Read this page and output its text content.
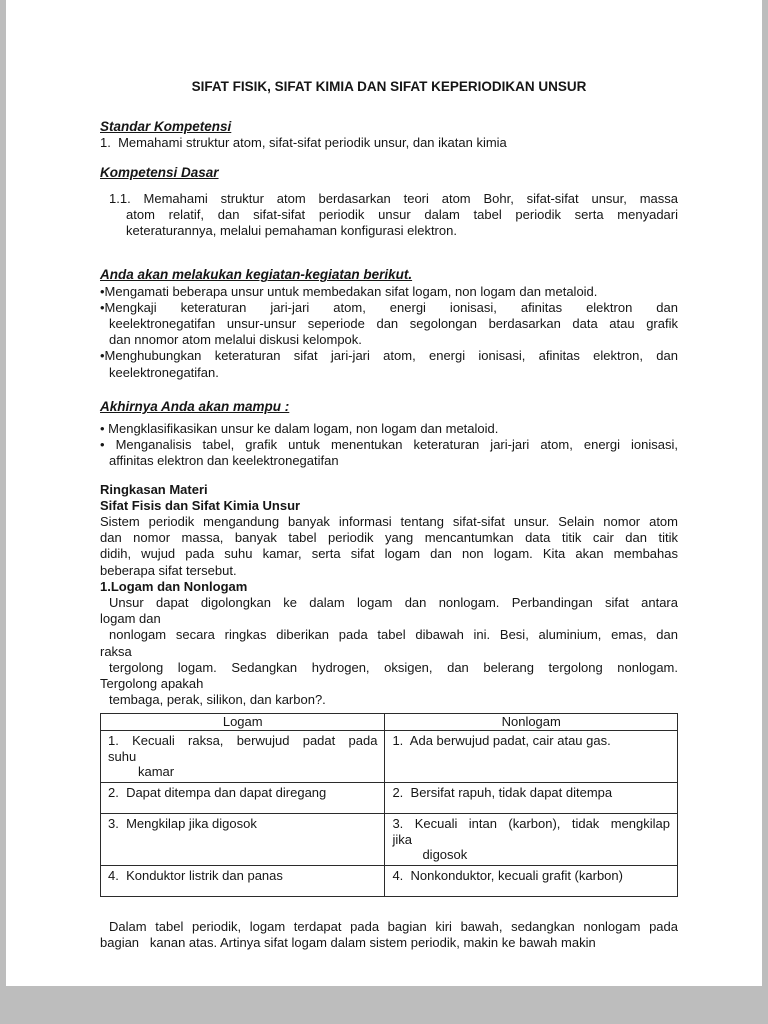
SIFAT FISIK, SIFAT KIMIA DAN SIFAT KEPERIODIKAN UNSUR
Standar Kompetensi
1.  Memahami struktur atom, sifat-sifat periodik unsur, dan ikatan kimia
Kompetensi Dasar
1.1. Memahami struktur atom berdasarkan teori atom Bohr, sifat-sifat unsur, massa
atom relatif, dan sifat-sifat periodik unsur dalam tabel periodik serta menyadari
keteraturannya, melalui pemahaman konfigurasi elektron.
Anda akan melakukan kegiatan-kegiatan berikut.
•Mengamati beberapa unsur untuk membedakan sifat logam, non logam dan metaloid.
•Mengkaji keteraturan jari-jari atom, energi ionisasi, afinitas elektron dan
keelektronegatifan unsur-unsur seperiode dan segolongan berdasarkan data atau grafik
dan nnomor atom melalui diskusi kelompok.
•Menghubungkan keteraturan sifat jari-jari atom, energi ionisasi, afinitas elektron, dan
keelektronegatifan.
Akhirnya Anda akan mampu :
• Mengklasifikasikan unsur ke dalam logam, non logam dan metaloid.
• Menganalisis tabel, grafik untuk menentukan keteraturan jari-jari atom, energi ionisasi,
affinitas elektron dan keelektronegatifan
Ringkasan Materi
Sifat Fisis dan Sifat Kimia Unsur
Sistem periodik mengandung banyak informasi tentang sifat-sifat unsur. Selain nomor atom
dan nomor massa, banyak tabel periodik yang mencantumkan data titik cair dan titik
didih, wujud pada suhu kamar, serta sifat logam dan non logam. Kita akan membahas
beberapa sifat tersebut.
1.Logam dan Nonlogam
Unsur dapat digolongkan ke dalam logam dan nonlogam. Perbandingan sifat antara
logam dan
nonlogam secara ringkas diberikan pada tabel dibawah ini. Besi, aluminium, emas, dan
raksa
tergolong logam. Sedangkan hydrogen, oksigen, dan belerang tergolong nonlogam.
Tergolong apakah
tembaga, perak, silikon, dan karbon?.
Logam	Nonlogam

1. Kecuali raksa, berwujud padat pada
suhu
kamar	1.  Ada berwujud padat, cair atau gas.

2.  Dapat ditempa dan dapat diregang	2.  Bersifat rapuh, tidak dapat ditempa

3.  Mengkilap jika digosok	3. Kecuali intan (karbon), tidak mengkilap
jika
digosok

4.  Konduktor listrik dan panas	4.  Nonkonduktor, kecuali grafit (karbon)
Dalam tabel periodik, logam terdapat pada bagian kiri bawah, sedangkan nonlogam pada
bagian   kanan atas. Artinya sifat logam dalam sistem periodik, makin ke bawah makin
